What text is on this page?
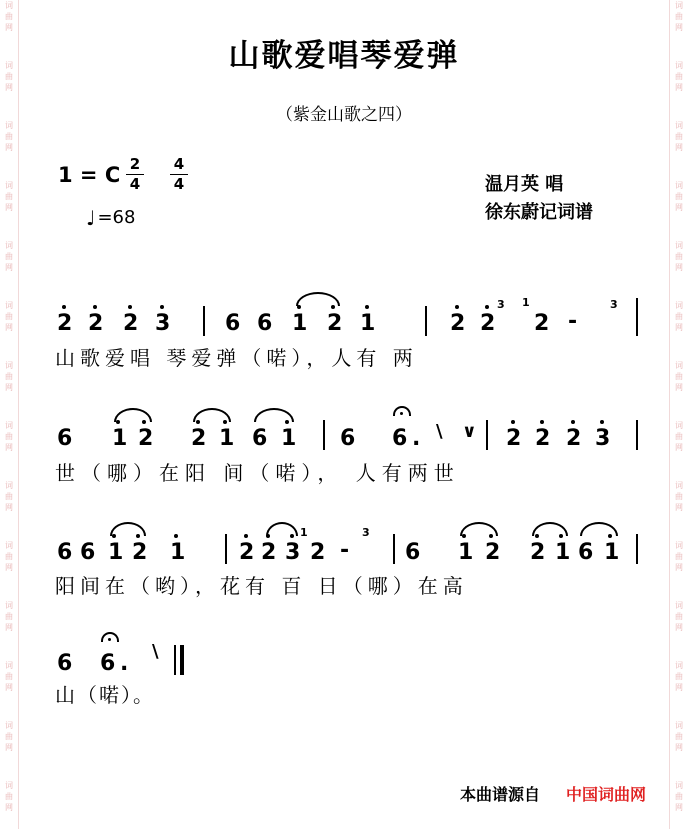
词
曲
网
词
曲
网
词
曲
网
词
曲
网
词
曲
网
词
曲
网
词
曲
网
词
曲
网
词
曲
网
词
曲
网
词
曲
网
词
曲
网
词
曲
网
词
曲
网
词
曲
网
词
曲
网
词
曲
网
词
曲
网
词
曲
网
词
曲
网
词
曲
网
词
曲
网
词
曲
网
词
曲
网
词
曲
网
词
曲
网
词
曲
网
词
曲
网
山歌爱唱琴爱弹
（紫金山歌之四）
1 = C 2
4
4
4
♩ =68
温月英 唱
徐东蔚记词谱
2 2 2 3 6 6 1 2 1	2 2
3 1
2 -
3
山歌爱唱 琴爱弹（喏），人有 两
6 1 2 2 1 6 1 6 6 . \ ∨ 2 2 2 3
世（哪）在阳 间（喏）， 人有两世
6 6 1 2 1 2 2 3
1
2 -
3
6 1 2 2 1 6 1
阳间在（哟），花有 百 日（哪）在高
6 6 . \
山（喏）。
本曲谱源自 中国词曲网
